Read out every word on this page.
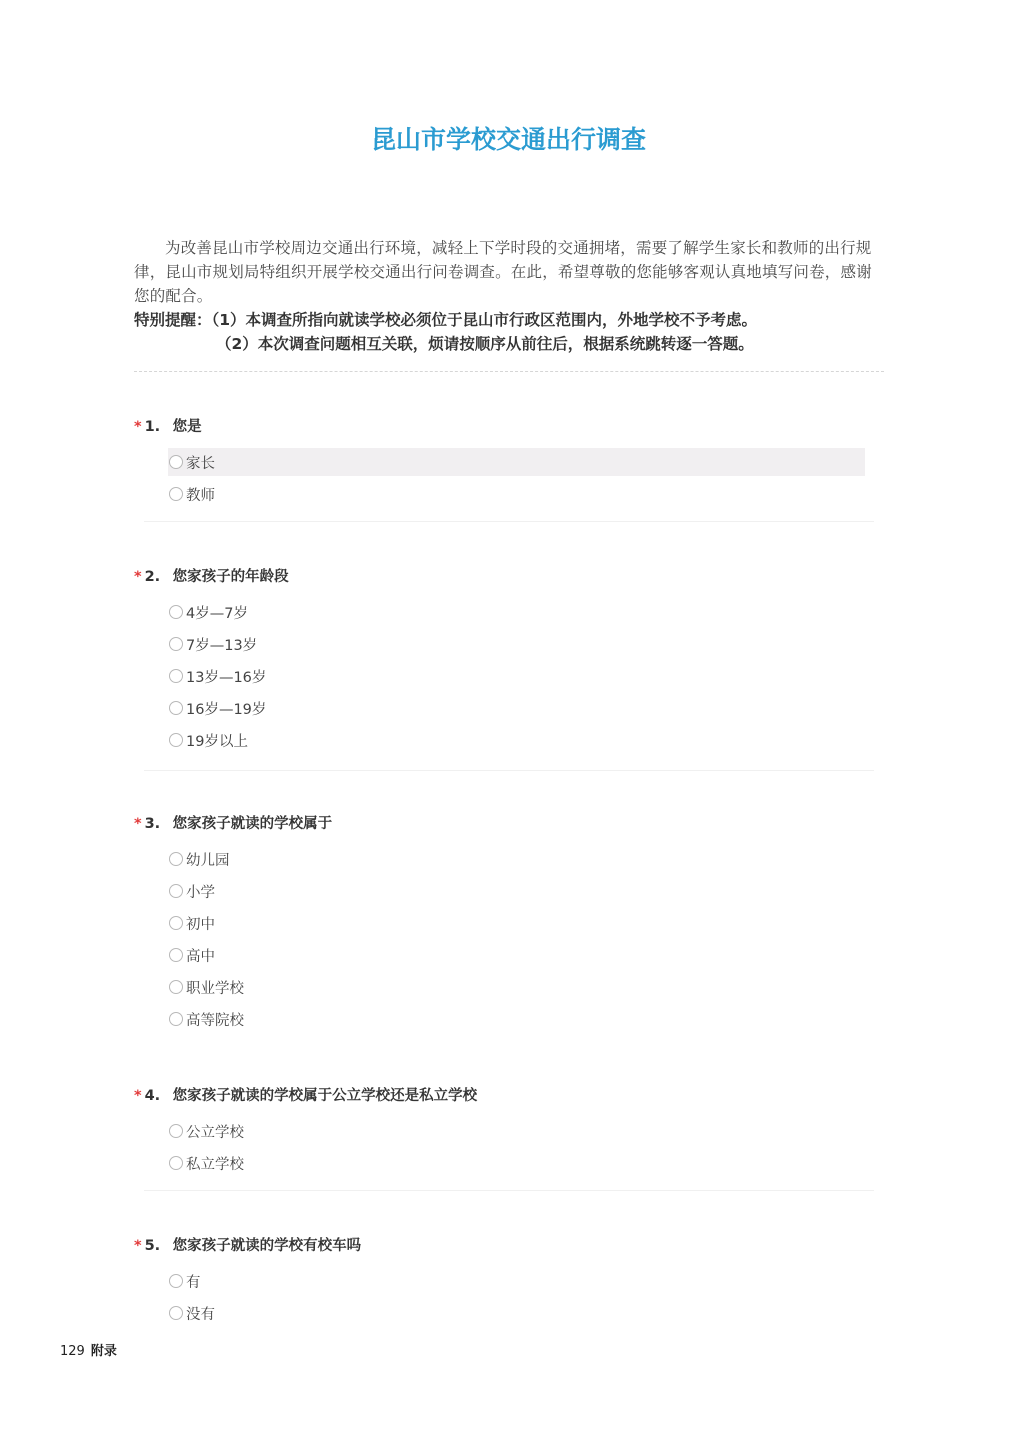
昆山市学校交通出行调查

为改善昆山市学校周边交通出行环境，减轻上下学时段的交通拥堵，需要了解学生家长和教师的出行规律，昆山市规划局特组织开展学校交通出行问卷调查。在此，希望尊敬的您能够客观认真地填写问卷，感谢您的配合。

特别提醒：（1）本调查所指向就读学校必须位于昆山市行政区范围内，外地学校不予考虑。
（2）本次调查问题相互关联，烦请按顺序从前往后，根据系统跳转逐一答题。
* 1. 您是
家长
教师
* 2. 您家孩子的年龄段
4岁—7岁
7岁—13岁
13岁—16岁
16岁—19岁
19岁以上
* 3. 您家孩子就读的学校属于
幼儿园
小学
初中
高中
职业学校
高等院校
* 4. 您家孩子就读的学校属于公立学校还是私立学校
公立学校
私立学校
* 5. 您家孩子就读的学校有校车吗
有
没有
129 附录
